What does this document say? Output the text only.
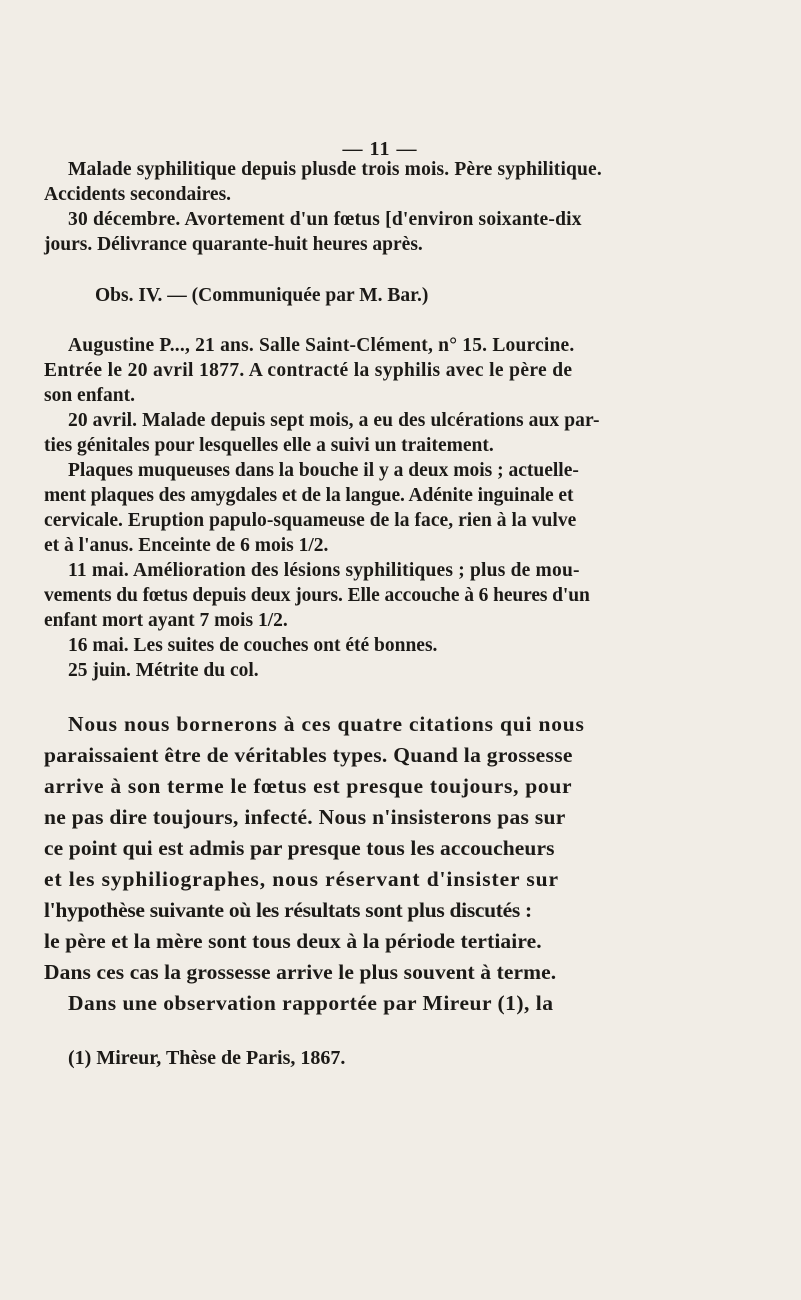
— 11 —
Malade syphilitique depuis plusde trois mois. Père syphilitique.
Accidents secondaires.
30 décembre. Avortement d'un fœtus [d'environ soixante-dix
jours. Délivrance quarante-huit heures après.
Obs. IV. — (Communiquée par M. Bar.)
Augustine P..., 21 ans. Salle Saint-Clément, n° 15. Lourcine.
Entrée le 20 avril 1877. A contracté la syphilis avec le père de
son enfant.
20 avril. Malade depuis sept mois, a eu des ulcérations aux par-
ties génitales pour lesquelles elle a suivi un traitement.
Plaques muqueuses dans la bouche il y a deux mois ; actuelle-
ment plaques des amygdales et de la langue. Adénite inguinale et
cervicale. Eruption papulo-squameuse de la face, rien à la vulve
et à l'anus. Enceinte de 6 mois 1/2.
11 mai. Amélioration des lésions syphilitiques ; plus de mou-
vements du fœtus depuis deux jours. Elle accouche à 6 heures d'un
enfant mort ayant 7 mois 1/2.
16 mai. Les suites de couches ont été bonnes.
25 juin. Métrite du col.
Nous nous bornerons à ces quatre citations qui nous
paraissaient être de véritables types. Quand la grossesse
arrive à son terme le fœtus est presque toujours, pour
ne pas dire toujours, infecté. Nous n'insisterons pas sur
ce point qui est admis par presque tous les accoucheurs
et les syphiliographes, nous réservant d'insister sur
l'hypothèse suivante où les résultats sont plus discutés :
le père et la mère sont tous deux à la période tertiaire.
Dans ces cas la grossesse arrive le plus souvent à terme.
Dans une observation rapportée par Mireur (1), la
(1) Mireur, Thèse de Paris, 1867.
